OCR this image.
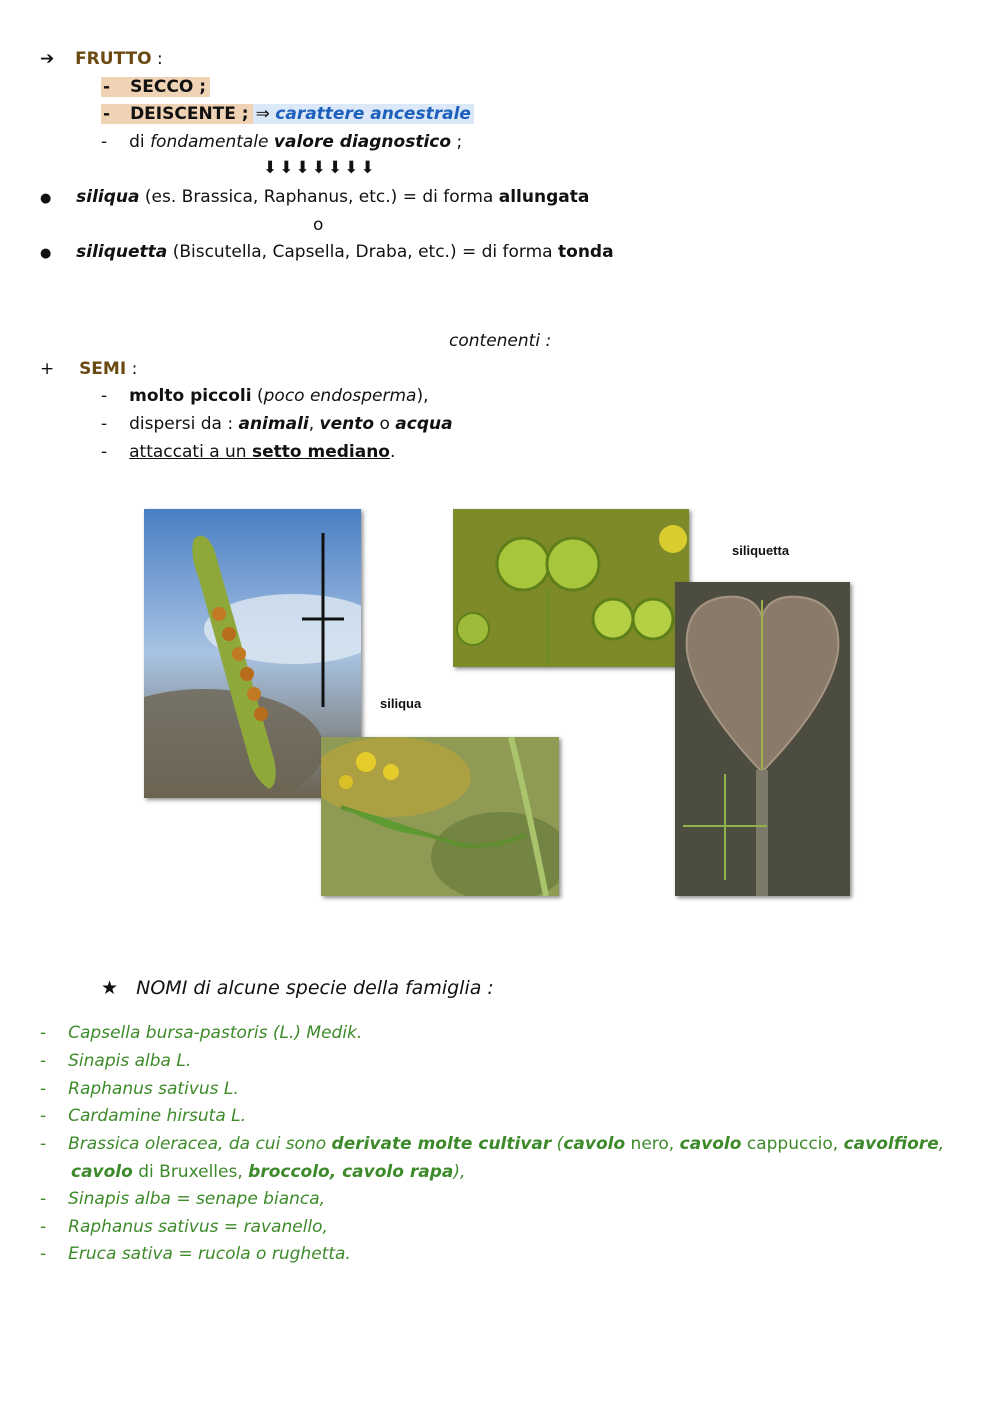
➔ FRUTTO :
- SECCO ;
- DEISCENTE ; ⇒ carattere ancestrale
- di fondamentale valore diagnostico ;
⬇⬇⬇⬇⬇⬇⬇
● siliqua (es. Brassica, Raphanus, etc.) = di forma allungata
o
● siliquetta (Biscutella, Capsella, Draba, etc.) = di forma tonda
contenenti :
+ SEMI :
- molto piccoli (poco endosperma),
- dispersi da : animali, vento o acqua
- attaccati a un setto mediano.
siliqua
siliquetta
★ NOMI di alcune specie della famiglia :
- Capsella bursa-pastoris (L.) Medik.
- Sinapis alba L.
- Raphanus sativus L.
- Cardamine hirsuta L.
- Brassica oleracea, da cui sono derivate molte cultivar (cavolo nero, cavolo cappuccio, cavolfiore,
cavolo di Bruxelles, broccolo, cavolo rapa),
- Sinapis alba = senape bianca,
- Raphanus sativus = ravanello,
- Eruca sativa = rucola o rughetta.
